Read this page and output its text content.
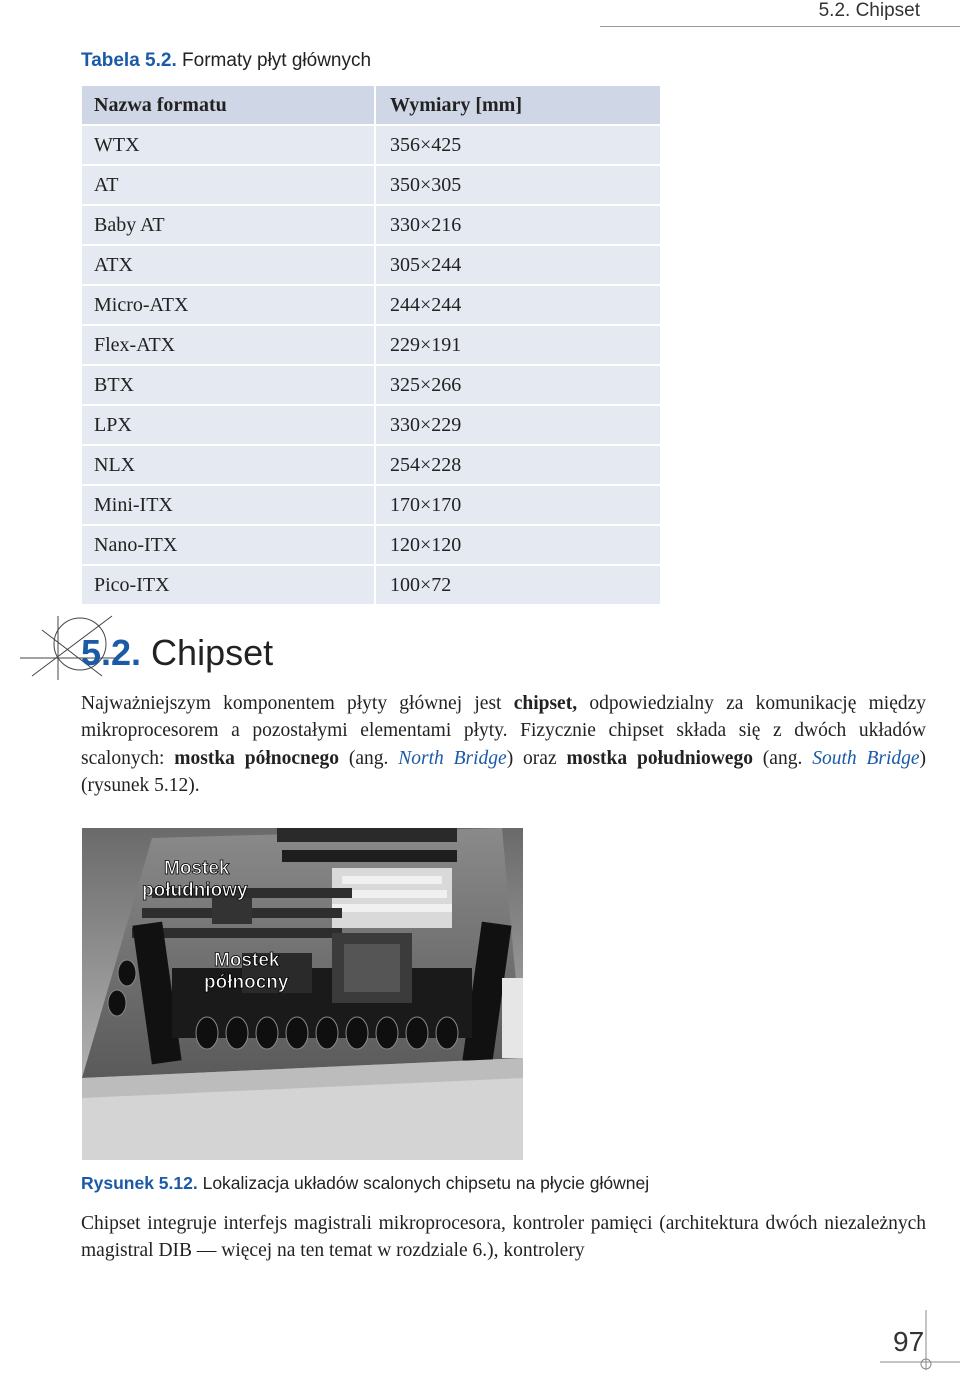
5.2. Chipset
Tabela 5.2. Formaty płyt głównych
Nazwa formatu	Wymiary [mm]
WTX	356×425
AT	350×305
Baby AT	330×216
ATX	305×244
Micro-ATX	244×244
Flex-ATX	229×191
BTX	325×266
LPX	330×229
NLX	254×228
Mini-ITX	170×170
Nano-ITX	120×120
Pico-ITX	100×72
5.2. Chipset
Najważniejszym komponentem płyty głównej jest chipset, odpowiedzialny za komunikację między mikroprocesorem a pozostałymi elementami płyty. Fizycznie chipset składa się z dwóch układów scalonych: mostka północnego (ang. North Bridge) oraz mostka południowego (ang. South Bridge) (rysunek 5.12).
Mostek
południowy
Mostek
północny
Rysunek 5.12. Lokalizacja układów scalonych chipsetu na płycie głównej
Chipset integruje interfejs magistrali mikroprocesora, kontroler pamięci (architektura dwóch niezależnych magistral DIB — więcej na ten temat w rozdziale 6.), kontrolery
97
